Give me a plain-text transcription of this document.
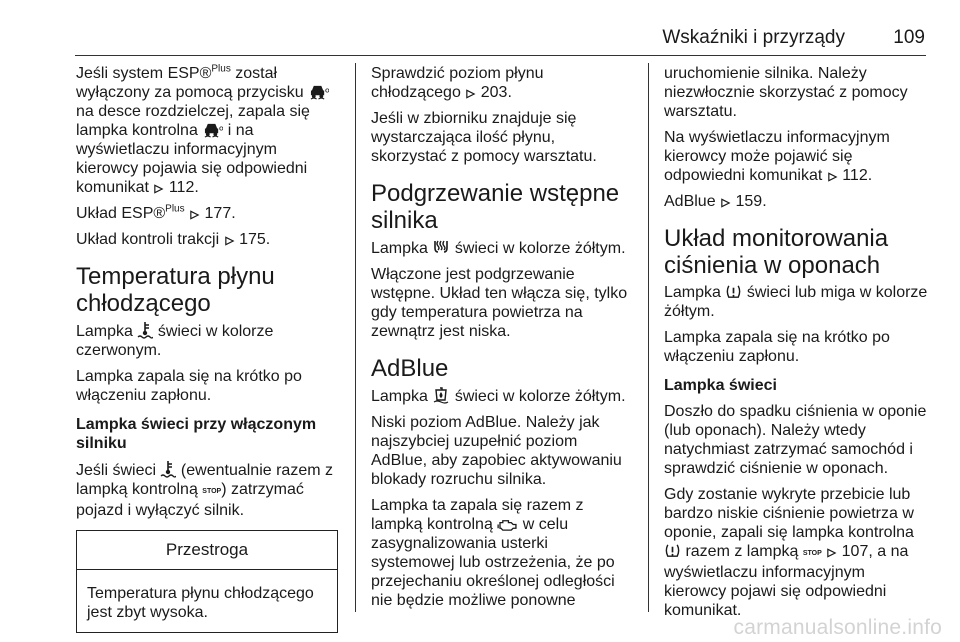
Wskaźniki i przyrządy	109

Jeśli system ESP®$^{Plus}$ został wyłączony za pomocą przycisku  na desce rozdzielczej, zapala się lampka kontrolna  i na wyświetlaczu informacyjnym kierowcy pojawia się odpowiedni komunikat  112.

Układ ESP®$^{Plus}$ 177.

Układ kontroli trakcji  175.

Temperatura płynu chłodzącego

Lampka  świeci w kolorze czerwonym.

Lampka zapala się na krótko po włączeniu zapłonu.

Lampka świeci przy włączonym silniku

Jeśli świeci  (ewentualnie razem z lampką kontrolną STOP) zatrzymać pojazd i wyłączyć silnik.

Przestroga

Temperatura płynu chłodzącego jest zbyt wysoka.

Sprawdzić poziom płynu chłodzącego  203.

Jeśli w zbiorniku znajduje się wystarczająca ilość płynu, skorzystać z pomocy warsztatu.

Podgrzewanie wstępne silnika

Lampka  świeci w kolorze żółtym.

Włączone jest podgrzewanie wstępne. Układ ten włącza się, tylko gdy temperatura powietrza na zewnątrz jest niska.

AdBlue

Lampka  świeci w kolorze żółtym.

Niski poziom AdBlue. Należy jak najszybciej uzupełnić poziom AdBlue, aby zapobiec aktywowaniu blokady rozruchu silnika.

Lampka ta zapala się razem z lampką kontrolną  w celu zasygnalizowania usterki systemowej lub ostrzeżenia, że po przejechaniu określonej odległości nie będzie możliwe ponowne

uruchomienie silnika. Należy niezwłocznie skorzystać z pomocy warsztatu.

Na wyświetlaczu informacyjnym kierowcy może pojawić się odpowiedni komunikat  112.

AdBlue  159.

Układ monitorowania ciśnienia w oponach

Lampka  świeci lub miga w kolorze żółtym.

Lampka zapala się na krótko po włączeniu zapłonu.

Lampka świeci

Doszło do spadku ciśnienia w oponie (lub oponach). Należy wtedy natychmiast zatrzymać samochód i sprawdzić ciśnienie w oponach.

Gdy zostanie wykryte przebicie lub bardzo niskie ciśnienie powietrza w oponie, zapali się lampka kontrolna  razem z lampką STOP 107, a na wyświetlaczu informacyjnym kierowcy pojawi się odpowiedni komunikat.

carmanualsonline.info
